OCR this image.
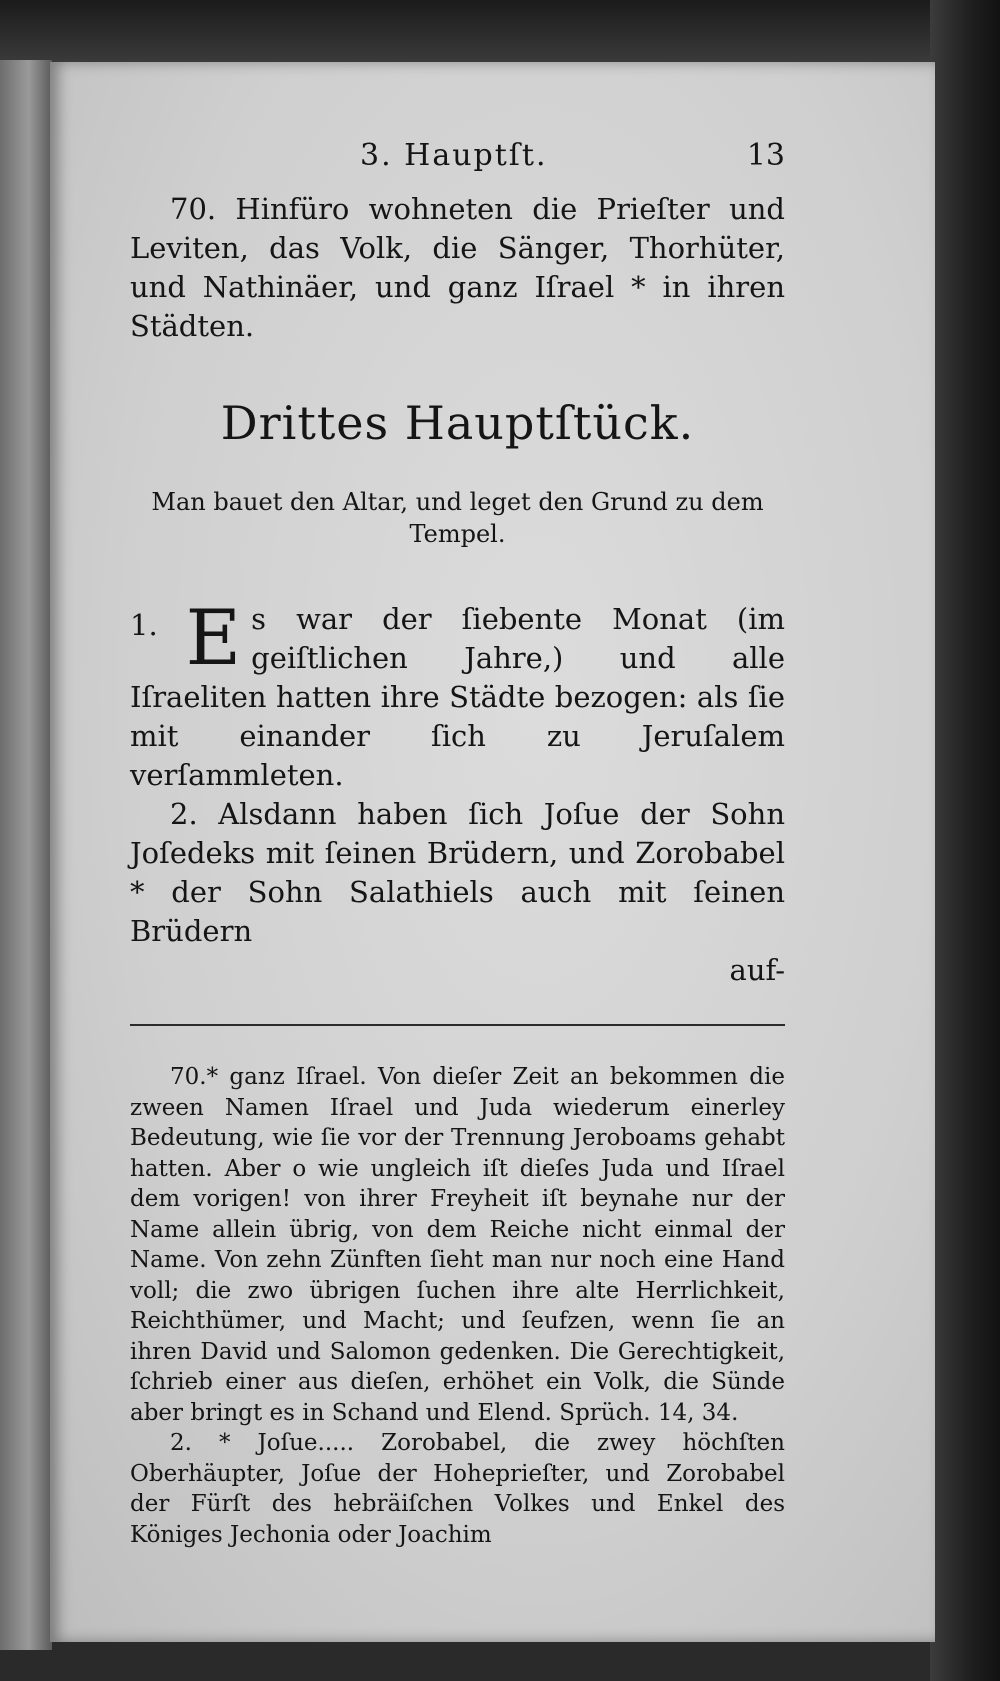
3. Hauptſt.	13

70. Hinfüro wohneten die Prieſter und Leviten, das Volk, die Sänger, Thorhüter, und Nathinäer, und ganz Iſrael * in ihren Städten.

Drittes Hauptſtück.

Man bauet den Altar, und leget den Grund zu dem Tempel.

1. E s war der ſiebente Monat (im geiſtlichen Jahre,) und alle Iſraeliten hatten ihre Städte bezogen: als ſie mit einander ſich zu Jeruſalem verſammleten.

2. Alsdann haben ſich Joſue der Sohn Joſedeks mit ſeinen Brüdern, und Zorobabel * der Sohn Salathiels auch mit ſeinen Brüdern

auf-

70.* ganz Iſrael. Von dieſer Zeit an bekommen die zween Namen Iſrael und Juda wiederum einerley Bedeutung, wie ſie vor der Trennung Jeroboams gehabt hatten. Aber o wie ungleich iſt dieſes Juda und Iſrael dem vorigen! von ihrer Freyheit iſt beynahe nur der Name allein übrig, von dem Reiche nicht einmal der Name. Von zehn Zünften ſieht man nur noch eine Hand voll; die zwo übrigen ſuchen ihre alte Herrlichkeit, Reichthümer, und Macht; und ſeufzen, wenn ſie an ihren David und Salomon gedenken. Die Gerechtigkeit, ſchrieb einer aus dieſen, erhöhet ein Volk, die Sünde aber bringt es in Schand und Elend. Sprüch. 14, 34.

2. * Joſue..... Zorobabel, die zwey höchſten Oberhäupter, Joſue der Hoheprieſter, und Zorobabel der Fürſt des hebräiſchen Volkes und Enkel des Königes Jechonia oder Joachim
